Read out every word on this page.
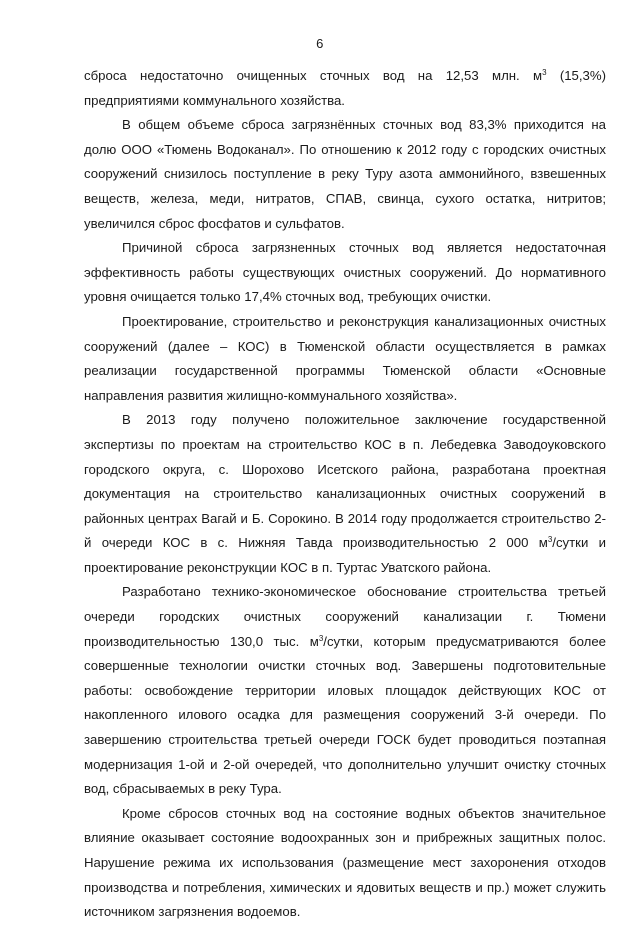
6

сброса недостаточно очищенных сточных вод на 12,53 млн. $м^3$ (15,3%) предприятиями коммунального хозяйства.

В общем объеме сброса загрязнённых сточных вод 83,3% приходится на долю ООО «Тюмень Водоканал». По отношению к 2012 году с городских очистных сооружений снизилось поступление в реку Туру азота аммонийного, взвешенных веществ, железа, меди, нитратов, СПАВ, свинца, сухого остатка, нитритов; увеличился сброс фосфатов и сульфатов.

Причиной сброса загрязненных сточных вод является недостаточная эффективность работы существующих очистных сооружений. До нормативного уровня очищается только 17,4% сточных вод, требующих очистки.

Проектирование, строительство и реконструкция канализационных очистных сооружений (далее – КОС) в Тюменской области осуществляется в рамках реализации государственной программы Тюменской области «Основные направления развития жилищно-коммунального хозяйства».

В 2013 году получено положительное заключение государственной экспертизы по проектам на строительство КОС в п. Лебедевка Заводоуковского городского округа, с. Шорохово Исетского района, разработана проектная документация на строительство канализационных очистных сооружений в районных центрах Вагай и Б. Сорокино. В 2014 году продолжается строительство 2-й очереди КОС в с. Нижняя Тавда производительностью 2 000 $м^3$/сутки и проектирование реконструкции КОС в п. Туртас Уватского района.

Разработано технико-экономическое обоснование строительства третьей очереди городских очистных сооружений канализации г. Тюмени производительностью 130,0 тыс. $м^3$/сутки, которым предусматриваются более совершенные технологии очистки сточных вод. Завершены подготовительные работы: освобождение территории иловых площадок действующих КОС от накопленного илового осадка для размещения сооружений 3-й очереди. По завершению строительства третьей очереди ГОСК будет проводиться поэтапная модернизация 1-ой и 2-ой очередей, что дополнительно улучшит очистку сточных вод, сбрасываемых в реку Тура.

Кроме сбросов сточных вод на состояние водных объектов значительное влияние оказывает состояние водоохранных зон и прибрежных защитных полос. Нарушение режима их использования (размещение мест захоронения отходов производства и потребления, химических и ядовитых веществ и пр.) может служить источником загрязнения водоемов.
